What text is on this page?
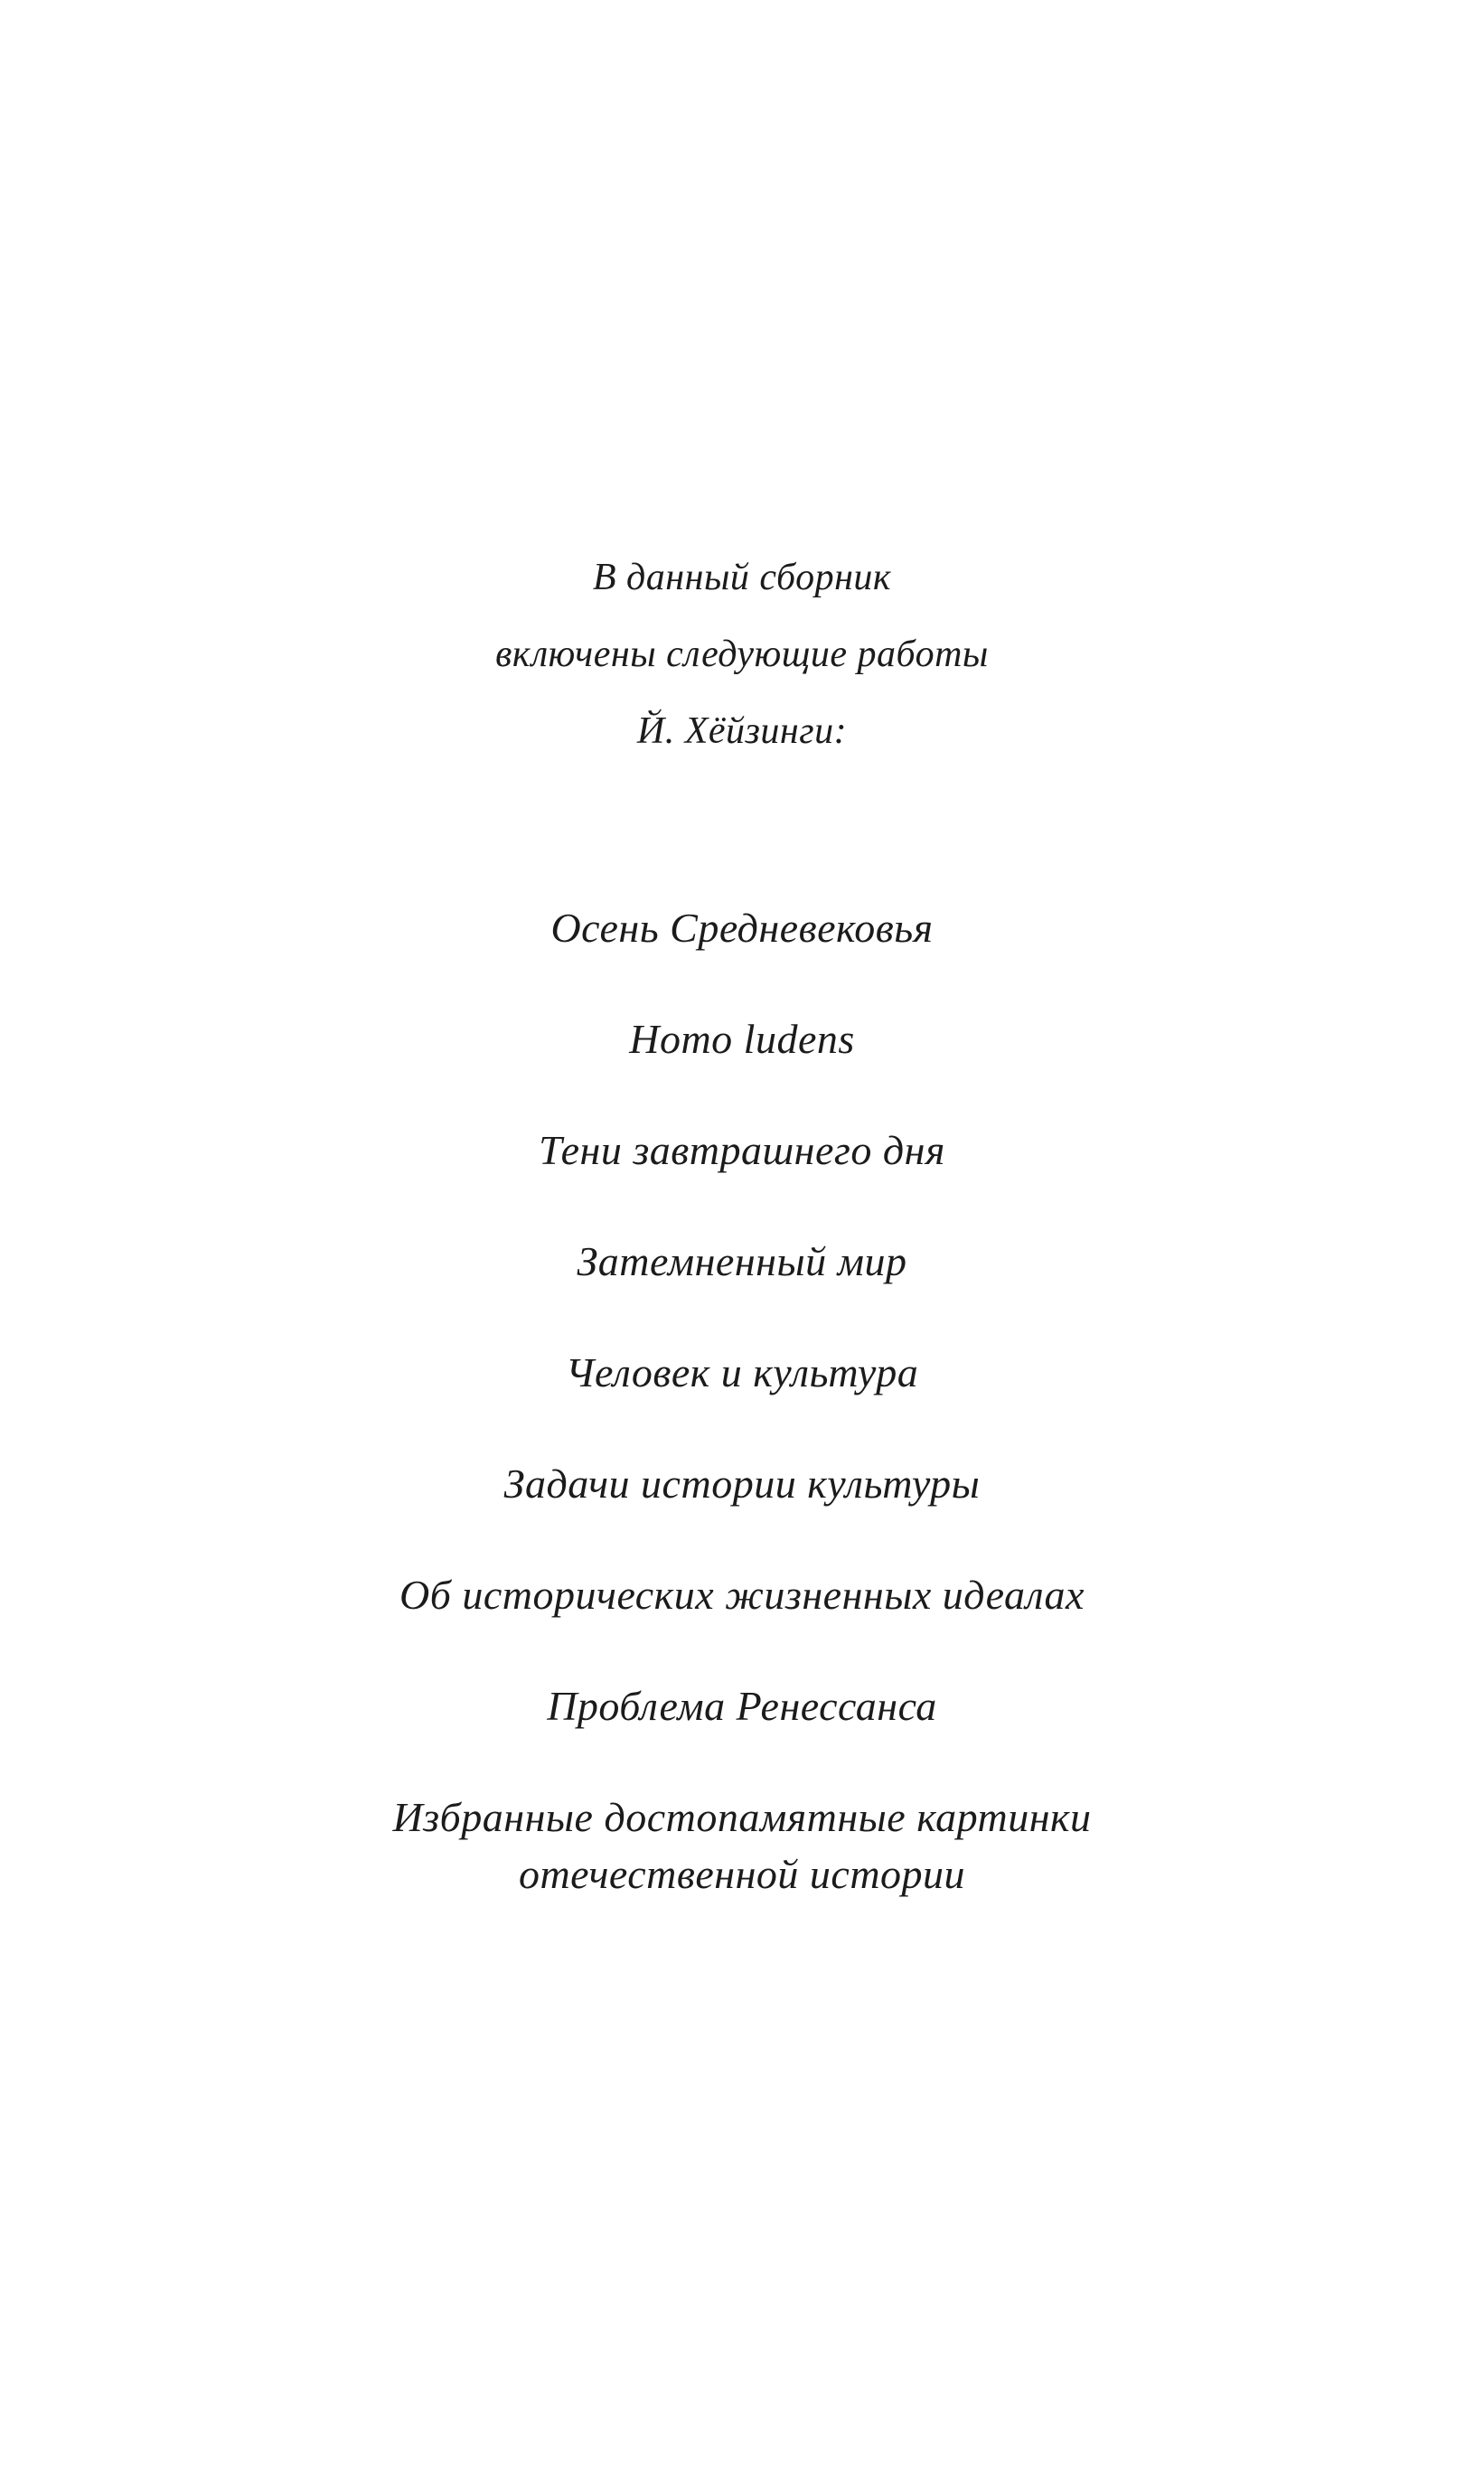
В данный сборник

включены следующие работы

Й. Хёйзинги:

Осень Средневековья
Homo ludens
Тени завтрашнего дня
Затемненный мир
Человек и культура
Задачи истории культуры
Об исторических жизненных идеалах
Проблема Ренессанса
Избранные достопамятные картинки отечественной истории
